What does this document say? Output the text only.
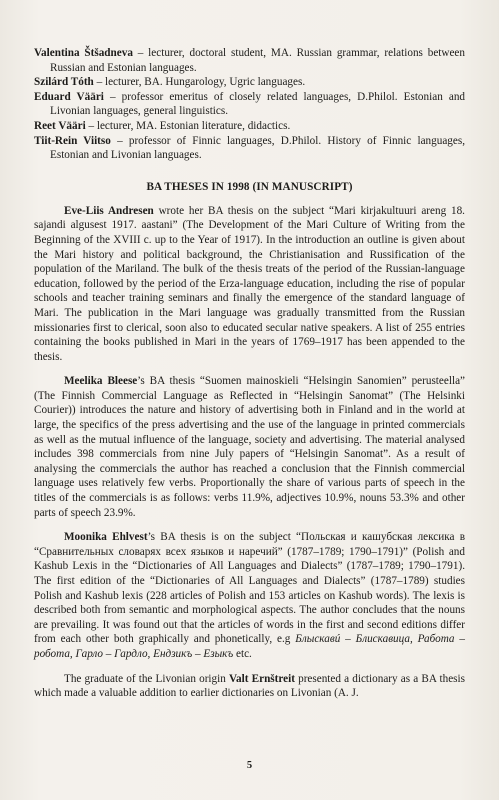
Valentina Štšadneva – lecturer, doctoral student, MA. Russian grammar, relations between Russian and Estonian languages.

Szilárd Tóth – lecturer, BA. Hungarology, Ugric languages.

Eduard Vääri – professor emeritus of closely related languages, D.Philol. Estonian and Livonian languages, general linguistics.

Reet Vääri – lecturer, MA. Estonian literature, didactics.

Tiit-Rein Viitso – professor of Finnic languages, D.Philol. History of Finnic languages, Estonian and Livonian languages.

BA THESES IN 1998 (IN MANUSCRIPT)

Eve-Liis Andresen wrote her BA thesis on the subject “Mari kirjakultuuri areng 18. sajandi algusest 1917. aastani” (The Development of the Mari Culture of Writing from the Beginning of the XVIII c. up to the Year of 1917). In the introduction an outline is given about the Mari history and political background, the Christianisation and Russification of the population of the Mariland. The bulk of the thesis treats of the period of the Russian-language education, followed by the period of the Erza-language education, including the rise of popular schools and teacher training seminars and finally the emergence of the standard language of Mari. The publication in the Mari language was gradually transmitted from the Russian missionaries first to clerical, soon also to educated secular native speakers. A list of 255 entries containing the books published in Mari in the years of 1769–1917 has been appended to the thesis.

Meelika Bleese’s BA thesis “Suomen mainoskieli “Helsingin Sanomien” perusteella” (The Finnish Commercial Language as Reflected in “Helsingin Sanomat” (The Helsinki Courier)) introduces the nature and history of advertising both in Finland and in the world at large, the specifics of the press advertising and the use of the language in printed commercials as well as the mutual influence of the language, society and advertising. The material analysed includes 398 commercials from nine July papers of “Helsingin Sanomat”. As a result of analysing the commercials the author has reached a conclusion that the Finnish commercial language uses relatively few verbs. Proportionally the share of various parts of speech in the titles of the commercials is as follows: verbs 11.9%, adjectives 10.9%, nouns 53.3% and other parts of speech 23.9%.

Moonika Ehlvest’s BA thesis is on the subject “Польская и кашубская лексика в “Сравнительных словарях всех языков и наречий” (1787–1789; 1790–1791)” (Polish and Kashub Lexis in the “Dictionaries of All Languages and Dialects” (1787–1789; 1790–1791). The first edition of the “Dictionaries of All Languages and Dialects” (1787–1789) studies Polish and Kashub lexis (228 articles of Polish and 153 articles on Kashub words). The lexis is described both from semantic and morphological aspects. The author concludes that the nouns are prevailing. It was found out that the articles of words in the first and second editions differ from each other both graphically and phonetically, e.g Блыскавú – Блискавица, Работа – робота, Гарло – Гардло, Ендзикъ – Езыкъ etc.

The graduate of the Livonian origin Valt Ernštreit presented a dictionary as a BA thesis which made a valuable addition to earlier dictionaries on Livonian (A. J.

5
